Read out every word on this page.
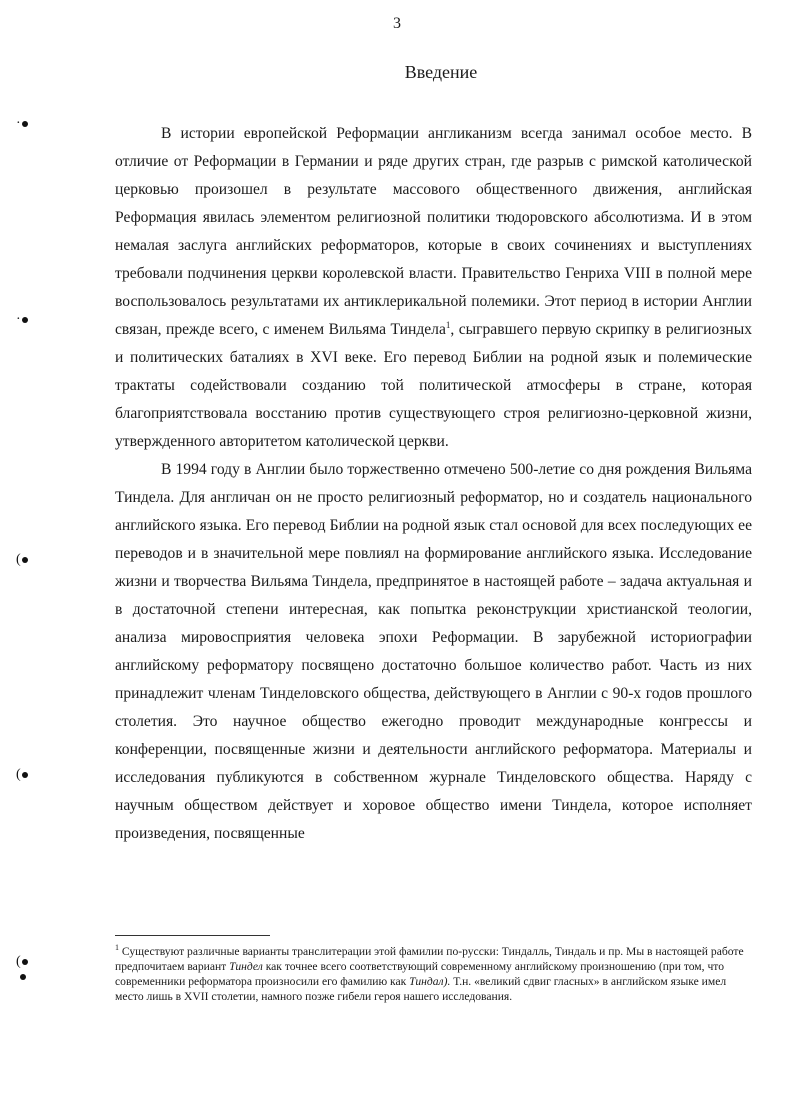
3
Введение

В истории европейской Реформации англиканизм всегда занимал особое место. В отличие от Реформации в Германии и ряде других стран, где разрыв с римской католической церковью произошел в результате массового общественного движения, английская Реформация явилась элементом религиозной политики тюдоровского абсолютизма. И в этом немалая заслуга английских реформаторов, которые в своих сочинениях и выступлениях требовали подчинения церкви королевской власти. Правительство Генриха VIII в полной мере воспользовалось результатами их антиклерикальной полемики. Этот период в истории Англии связан, прежде всего, с именем Вильяма Тиндела$^1$, сыгравшего первую скрипку в религиозных и политических баталиях в XVI веке. Его перевод Библии на родной язык и полемические трактаты содействовали созданию той политической атмосферы в стране, которая благоприятствовала восстанию против существующего строя религиозно-церковной жизни, утвержденного авторитетом католической церкви.

В 1994 году в Англии было торжественно отмечено 500-летие со дня рождения Вильяма Тиндела. Для англичан он не просто религиозный реформатор, но и создатель национального английского языка. Его перевод Библии на родной язык стал основой для всех последующих ее переводов и в значительной мере повлиял на формирование английского языка. Исследование жизни и творчества Вильяма Тиндела, предпринятое в настоящей работе – задача актуальная и в достаточной степени интересная, как попытка реконструкции христианской теологии, анализа мировосприятия человека эпохи Реформации. В зарубежной историографии английскому реформатору посвящено достаточно большое количество работ. Часть из них принадлежит членам Тинделовского общества, действующего в Англии с 90-х годов прошлого столетия. Это научное общество ежегодно проводит международные конгрессы и конференции, посвященные жизни и деятельности английского реформатора. Материалы и исследования публикуются в собственном журнале Тинделовского общества. Наряду с научным обществом действует и хоровое общество имени Тиндела, которое исполняет произведения, посвященные

$^1$ Существуют различные варианты транслитерации этой фамилии по-русски: Тиндалль, Тиндаль и пр. Мы в настоящей работе предпочитаем вариант Тиндел как точнее всего соответствующий современному английскому произношению (при том, что современники реформатора произносили его фамилию как Тиндал). Т.н. «великий сдвиг гласных» в английском языке имел место лишь в XVII столетии, намного позже гибели героя нашего исследования.
·
·
(
(
(
